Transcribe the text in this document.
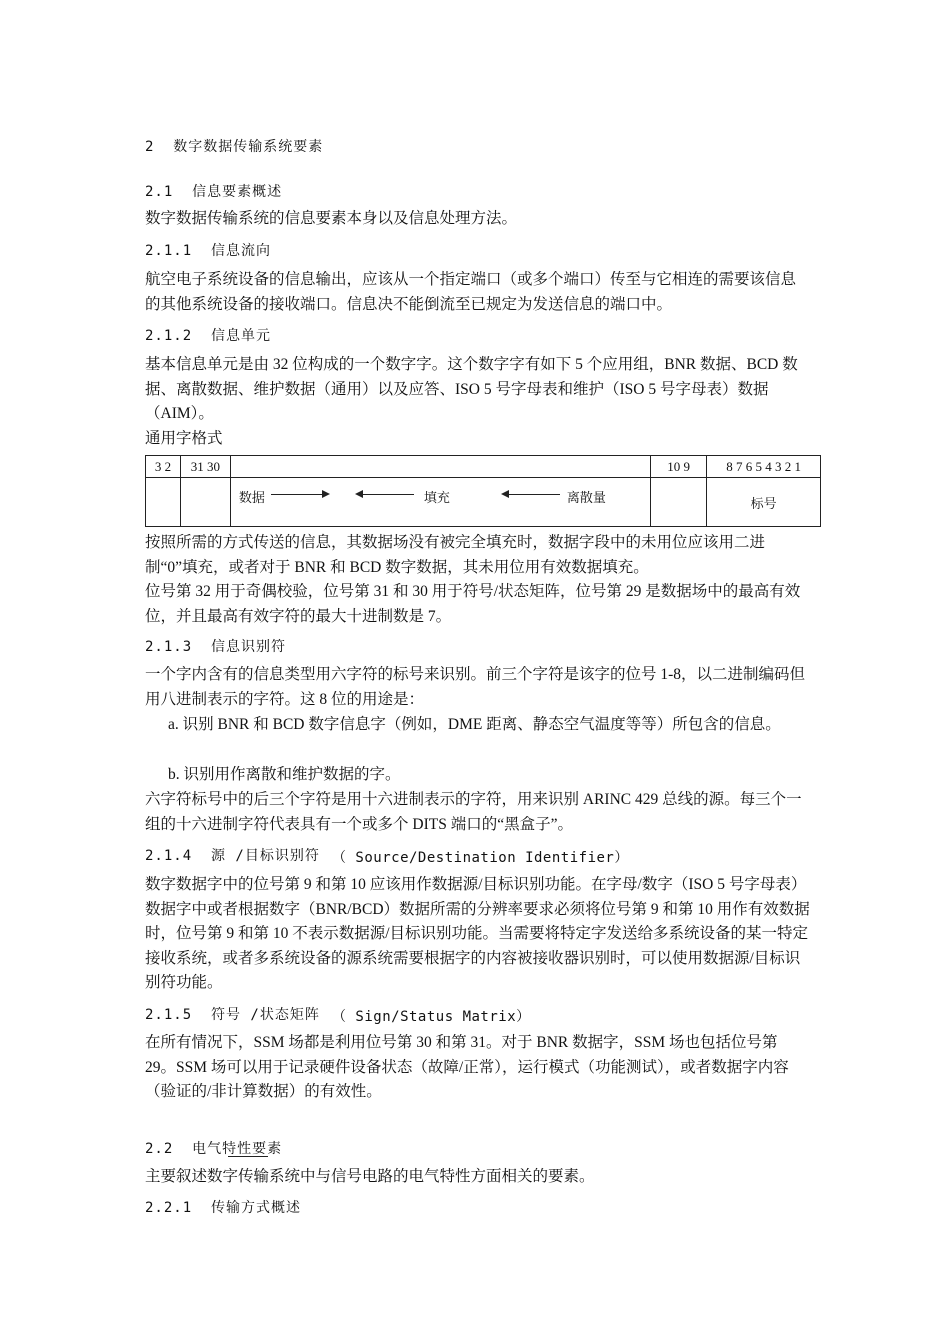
2  数字数据传输系统要素
2.1  信息要素概述

数字数据传输系统的信息要素本身以及信息处理方法。

2.1.1  信息流向

航空电子系统设备的信息输出，应该从一个指定端口（或多个端口）传至与它相连的需要该信息的其他系统设备的接收端口。信息决不能倒流至已规定为发送信息的端口中。

2.1.2  信息单元

基本信息单元是由 32 位构成的一个数字字。这个数字字有如下 5 个应用组，BNR 数据、BCD 数据、离散数据、维护数据（通用）以及应答、ISO 5 号字母表和维护（ISO 5 号字母表）数据（AIM）。

通用字格式

3 2	31 30		10 9	8 7 6 5 4 3 2 1

		数据 填充 离散量		标号

按照所需的方式传送的信息，其数据场没有被完全填充时，数据字段中的未用位应该用二进制“0”填充，或者对于 BNR 和 BCD 数字数据，其未用位用有效数据填充。

位号第 32 用于奇偶校验，位号第 31 和 30 用于符号/状态矩阵，位号第 29 是数据场中的最高有效位，并且最高有效字符的最大十进制数是 7。

2.1.3  信息识别符

一个字内含有的信息类型用六字符的标号来识别。前三个字符是该字的位号 1-8，以二进制编码但用八进制表示的字符。这 8 位的用途是：

a. 识别 BNR 和 BCD 数字信息字（例如，DME 距离、静态空气温度等等）所包含的信息。

b. 识别用作离散和维护数据的字。

六字符标号中的后三个字符是用十六进制表示的字符，用来识别 ARINC 429 总线的源。每三个一组的十六进制字符代表具有一个或多个 DITS 端口的“黑盒子”。

2.1.4  源 /目标识别符 （ Source/Destination Identifier）

数字数据字中的位号第 9 和第 10 应该用作数据源/目标识别功能。在字母/数字（ISO 5 号字母表）数据字中或者根据数字（BNR/BCD）数据所需的分辨率要求必须将位号第 9 和第 10 用作有效数据时，位号第 9 和第 10 不表示数据源/目标识别功能。当需要将特定字发送给多系统设备的某一特定接收系统，或者多系统设备的源系统需要根据字的内容被接收器识别时，可以使用数据源/目标识别符功能。

2.1.5  符号 /状态矩阵 （ Sign/Status Matrix）

在所有情况下，SSM 场都是利用位号第 30 和第 31。对于 BNR 数据字，SSM 场也包括位号第 29。SSM 场可以用于记录硬件设备状态（故障/正常），运行模式（功能测试），或者数据字内容（验证的/非计算数据）的有效性。

2.2  电气特性要素

主要叙述数字传输系统中与信号电路的电气特性方面相关的要素。

2.2.1  传输方式概述
